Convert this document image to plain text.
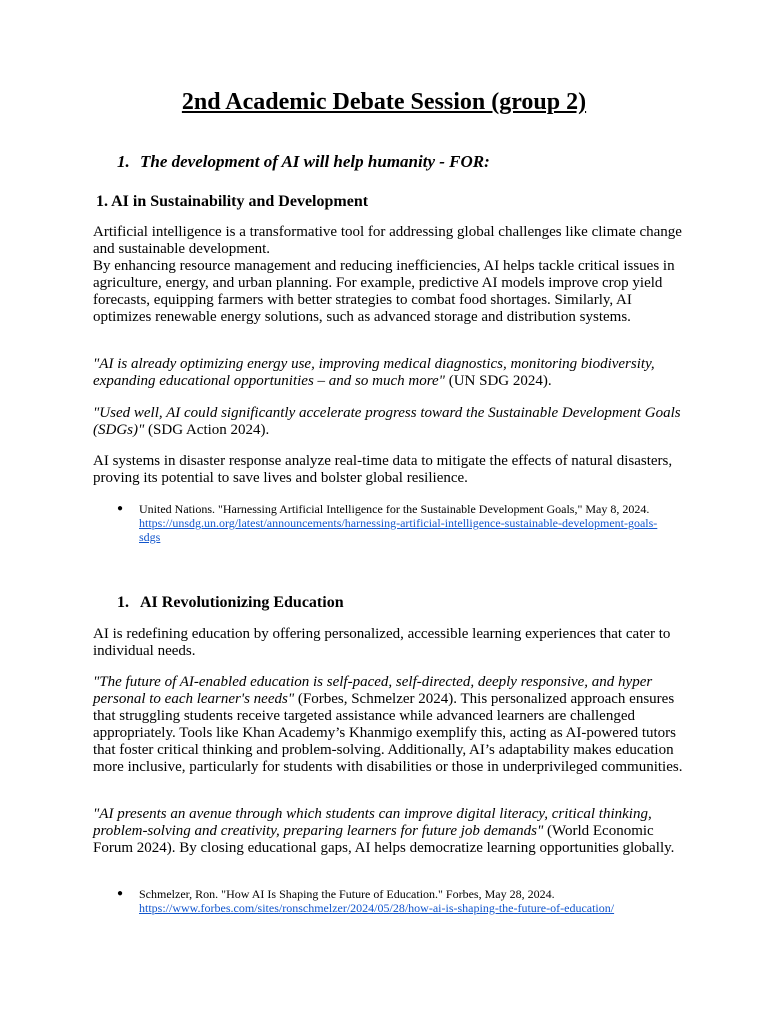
2nd Academic Debate Session (group 2)
1. The development of AI will help humanity - FOR:
1. AI in Sustainability and Development

Artificial intelligence is a transformative tool for addressing global challenges like climate change and sustainable development.
By enhancing resource management and reducing inefficiencies, AI helps tackle critical issues in agriculture, energy, and urban planning. For example, predictive AI models improve crop yield forecasts, equipping farmers with better strategies to combat food shortages. Similarly, AI optimizes renewable energy solutions, such as advanced storage and distribution systems.

"AI is already optimizing energy use, improving medical diagnostics, monitoring biodiversity, expanding educational opportunities – and so much more" (UN SDG 2024).

"Used well, AI could significantly accelerate progress toward the Sustainable Development Goals (SDGs)" (SDG Action 2024).

AI systems in disaster response analyze real-time data to mitigate the effects of natural disasters, proving its potential to save lives and bolster global resilience.

● United Nations. "Harnessing Artificial Intelligence for the Sustainable Development Goals," May 8, 2024. https://unsdg.un.org/latest/announcements/harnessing-artificial-intelligence-sustainable-development-goals-sdgs
1. AI Revolutionizing Education

AI is redefining education by offering personalized, accessible learning experiences that cater to individual needs.

"The future of AI-enabled education is self-paced, self-directed, deeply responsive, and hyper personal to each learner's needs" (Forbes, Schmelzer 2024). This personalized approach ensures that struggling students receive targeted assistance while advanced learners are challenged appropriately. Tools like Khan Academy’s Khanmigo exemplify this, acting as AI-powered tutors that foster critical thinking and problem-solving. Additionally, AI’s adaptability makes education more inclusive, particularly for students with disabilities or those in underprivileged communities.

"AI presents an avenue through which students can improve digital literacy, critical thinking, problem-solving and creativity, preparing learners for future job demands" (World Economic Forum 2024). By closing educational gaps, AI helps democratize learning opportunities globally.

● Schmelzer, Ron. "How AI Is Shaping the Future of Education." Forbes, May 28, 2024. https://www.forbes.com/sites/ronschmelzer/2024/05/28/how-ai-is-shaping-the-future-of-education/
